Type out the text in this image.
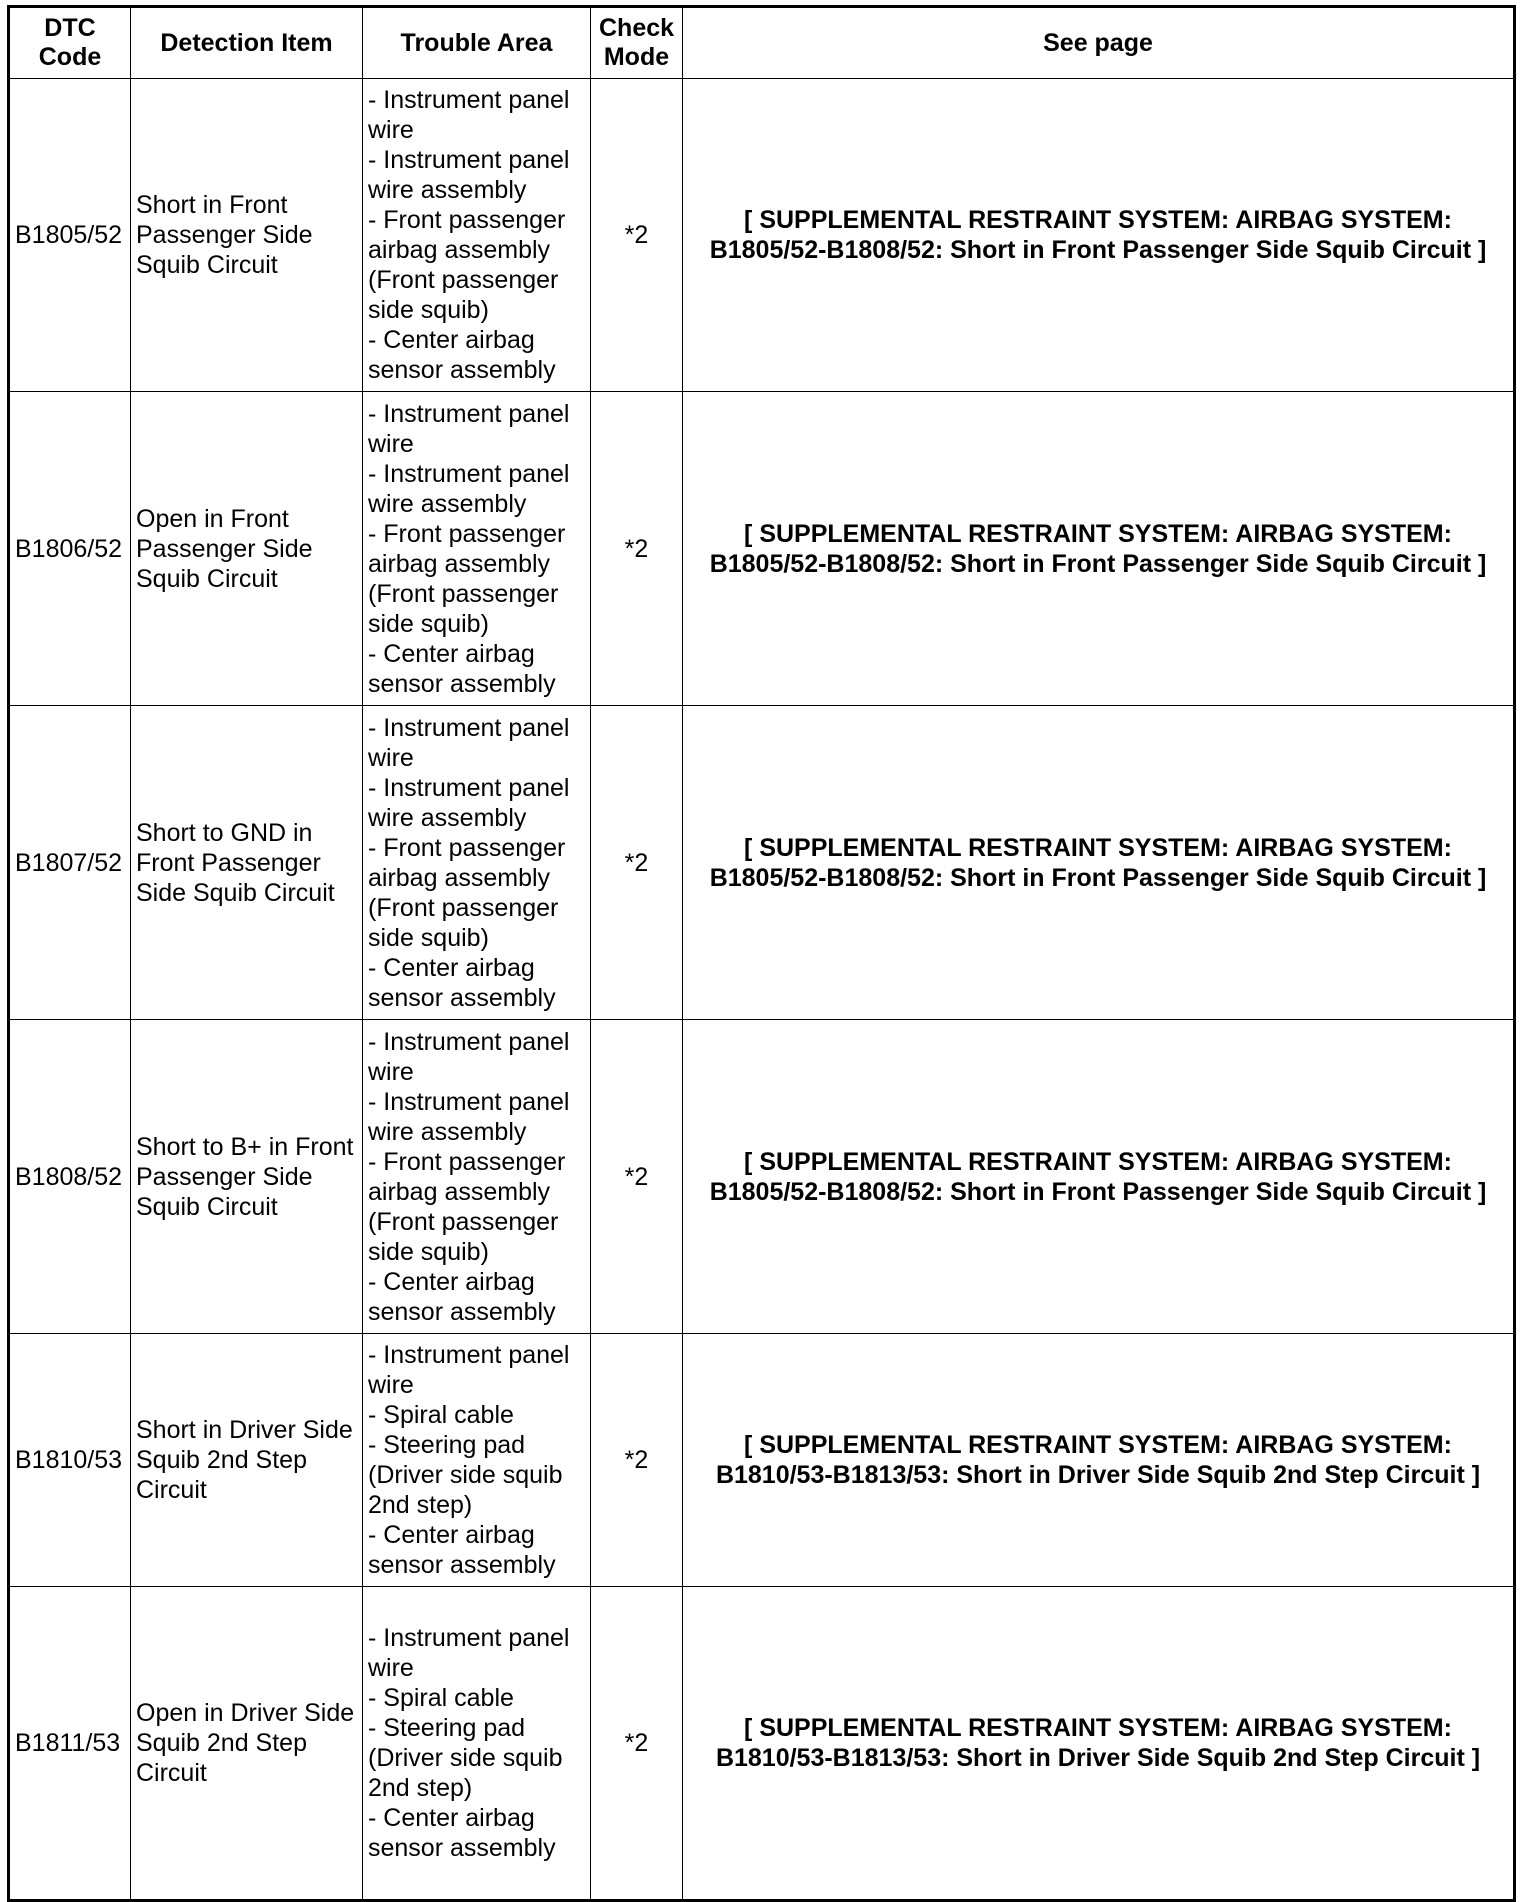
DTC Code	Detection Item	Trouble Area	Check Mode	See page
B1805/52	Short in Front Passenger Side Squib Circuit	- Instrument panel wire
- Instrument panel wire assembly
- Front passenger airbag assembly (Front passenger side squib)
- Center airbag sensor assembly	*2	[ SUPPLEMENTAL RESTRAINT SYSTEM: AIRBAG SYSTEM: B1805/52-B1808/52: Short in Front Passenger Side Squib Circuit ]
B1806/52	Open in Front Passenger Side Squib Circuit	- Instrument panel wire
- Instrument panel wire assembly
- Front passenger airbag assembly (Front passenger side squib)
- Center airbag sensor assembly	*2	[ SUPPLEMENTAL RESTRAINT SYSTEM: AIRBAG SYSTEM: B1805/52-B1808/52: Short in Front Passenger Side Squib Circuit ]
B1807/52	Short to GND in Front Passenger Side Squib Circuit	- Instrument panel wire
- Instrument panel wire assembly
- Front passenger airbag assembly (Front passenger side squib)
- Center airbag sensor assembly	*2	[ SUPPLEMENTAL RESTRAINT SYSTEM: AIRBAG SYSTEM: B1805/52-B1808/52: Short in Front Passenger Side Squib Circuit ]
B1808/52	Short to B+ in Front Passenger Side Squib Circuit	- Instrument panel wire
- Instrument panel wire assembly
- Front passenger airbag assembly (Front passenger side squib)
- Center airbag sensor assembly	*2	[ SUPPLEMENTAL RESTRAINT SYSTEM: AIRBAG SYSTEM: B1805/52-B1808/52: Short in Front Passenger Side Squib Circuit ]
B1810/53	Short in Driver Side Squib 2nd Step Circuit	- Instrument panel wire
- Spiral cable
- Steering pad (Driver side squib 2nd step)
- Center airbag sensor assembly	*2	[ SUPPLEMENTAL RESTRAINT SYSTEM: AIRBAG SYSTEM: B1810/53-B1813/53: Short in Driver Side Squib 2nd Step Circuit ]
B1811/53	Open in Driver Side Squib 2nd Step Circuit	- Instrument panel wire
- Spiral cable
- Steering pad (Driver side squib 2nd step)
- Center airbag sensor assembly	*2	[ SUPPLEMENTAL RESTRAINT SYSTEM: AIRBAG SYSTEM: B1810/53-B1813/53: Short in Driver Side Squib 2nd Step Circuit ]
